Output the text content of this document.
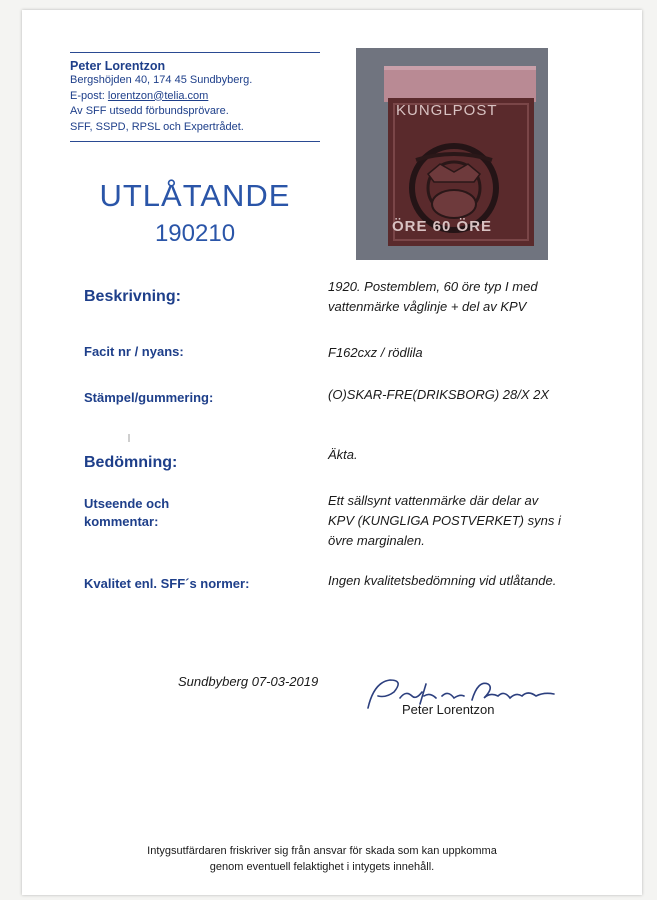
Peter Lorentzon
Bergshöjden 40, 174 45 Sundbyberg.
E-post: lorentzon@telia.com
Av SFF utsedd förbundsprövare.
SFF, SSPD, RPSL och Expertrådet.
UTLÅTANDE
190210
KUNGLPOST
ÖRE 60 ÖRE
Beskrivning:
1920. Postemblem, 60 öre typ I med
vattenmärke våglinje + del av KPV
Facit nr / nyans:	F162cxz / rödlila
Stämpel/gummering:	(O)SKAR-FRE(DRIKSBORG) 28/X 2X
Bedömning:	Äkta.
Utseende och
kommentar:
Ett sällsynt vattenmärke där delar av
KPV (KUNGLIGA POSTVERKET) syns i
övre marginalen.
Kvalitet enl. SFF´s normer:	Ingen kvalitetsbedömning vid utlåtande.
Sundbyberg 07-03-2019
Peter Lorentzon
Intygsutfärdaren friskriver sig från ansvar för skada som kan uppkomma
genom eventuell felaktighet i intygets innehåll.
